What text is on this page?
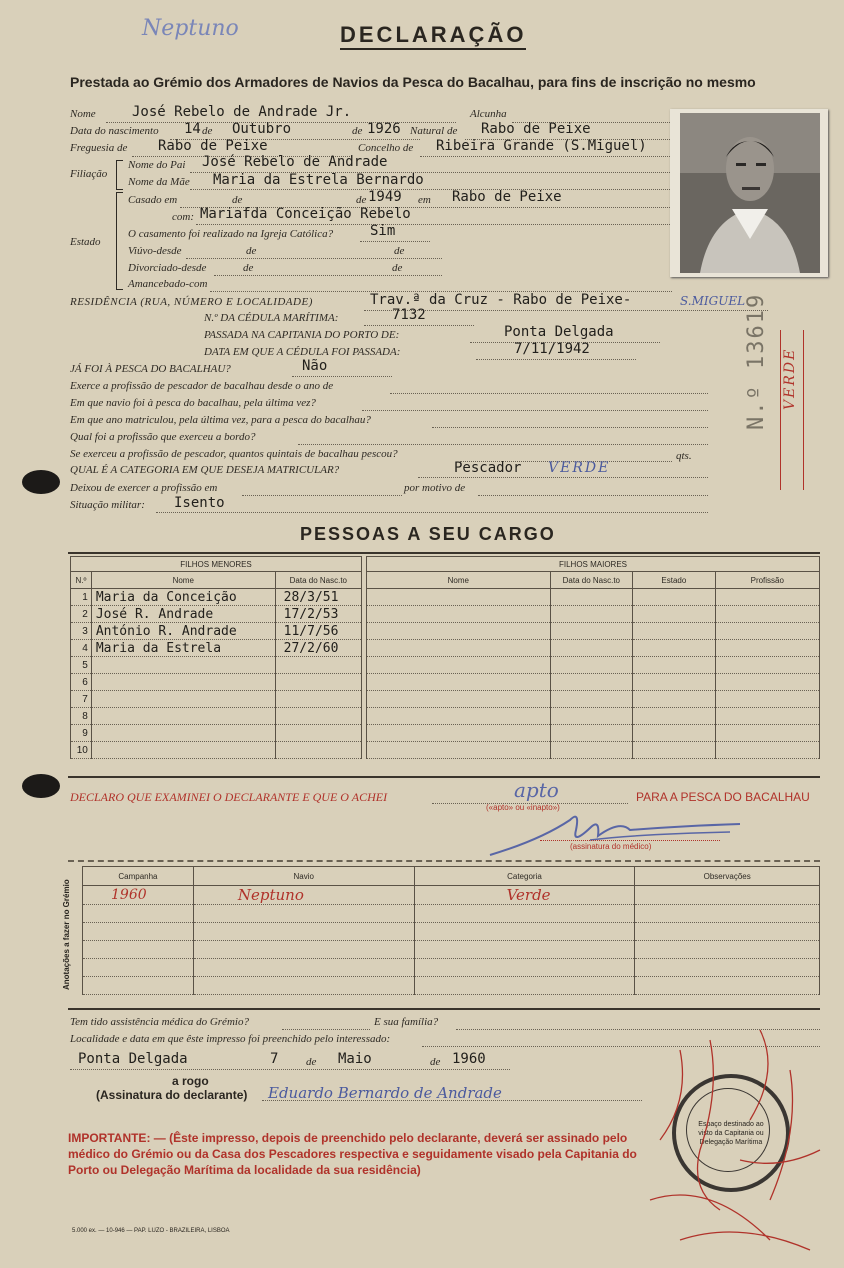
Neptuno	DECLARAÇÃO
Prestada ao Grémio dos Armadores de Navios da Pesca do Bacalhau, para fins de inscrição no mesmo
Nome	José Rebelo de Andrade Jr.	Alcunha
Data do nascimento 14 de Outubro	de 1926 Natural de Rabo de Peixe
Freguesia de Rabo de Peixe	Concelho de Ribeira Grande (S.Miguel)
Filiação
Nome do Pai José Rebelo de Andrade
Nome da Mãe Maria da Estrela Bernardo
Estado
Casado em	de	de 1949 em Rabo de Peixe
com: Mariafda Conceição Rebelo
O casamento foi realizado na Igreja Católica?	Sim
Viúvo-desde	de	de
Divorciado-desde	de	de
Amancebado-com
RESIDÊNCIA (RUA, NÚMERO E LOCALIDADE)	Trav.ª da Cruz - Rabo de Peixe-	S.MIGUEL
N.º DA CÉDULA MARÍTIMA:	7132
PASSADA NA CAPITANIA DO PORTO DE:	Ponta Delgada
DATA EM QUE A CÉDULA FOI PASSADA:	7/11/1942
JÁ FOI À PESCA DO BACALHAU?	Não
Exerce a profissão de pescador de bacalhau desde o ano de
Em que navio foi à pesca do bacalhau, pela última vez?
Em que ano matriculou, pela última vez, para a pesca do bacalhau?
Qual foi a profissão que exerceu a bordo?
Se exerceu a profissão de pescador, quantos quintais de bacalhau pescou?	qts.
QUAL É A CATEGORIA EM QUE DESEJA MATRICULAR?	Pescador VERDE
Deixou de exercer a profissão em	por motivo de
Situação militar: Isento
N.º 13619 VERDE
PESSOAS A SEU CARGO
FILHOS MENORES		
N.º	Nome	Data do Nasc.to
1	Maria da Conceição	28/3/51
2	José R. Andrade	17/2/53
3	António R. Andrade	11/7/56
4	Maria da Estrela	27/2/60
5		
6		
7		
8		
9		
10		
FILHOS MAIORES			
Nome	Data do Nasc.to	Estado	Profissão

DECLARO QUE EXAMINEI O DECLARANTE E QUE O ACHEI	apto
(«apto» ou «inapto»)
PARA A PESCA DO BACALHAU
(assinatura do médico)
Anotações a fazer no Grémio
Campanha	Navio	Categoria	Observações
1960	Neptuno	Verde	

Tem tido assistência médica do Grémio?	E sua família?
Localidade e data em que êste impresso foi preenchido pelo interessado:
Ponta Delgada	7	de Maio	de 1960
a rogo
(Assinatura do declarante) Eduardo Bernardo de Andrade
IMPORTANTE: — (Êste impresso, depois de preenchido pelo declarante, deverá ser assinado pelo médico do Grémio ou da Casa dos Pescadores respectiva e seguidamente visado pela Capitania do Porto ou Delegação Marítima da localidade da sua residência)
Espaço destinado ao visto da Capitania ou Delegação Marítima
5.000 ex. — 10-946 — PAP. LUZO - BRAZILEIRA, LISBOA
